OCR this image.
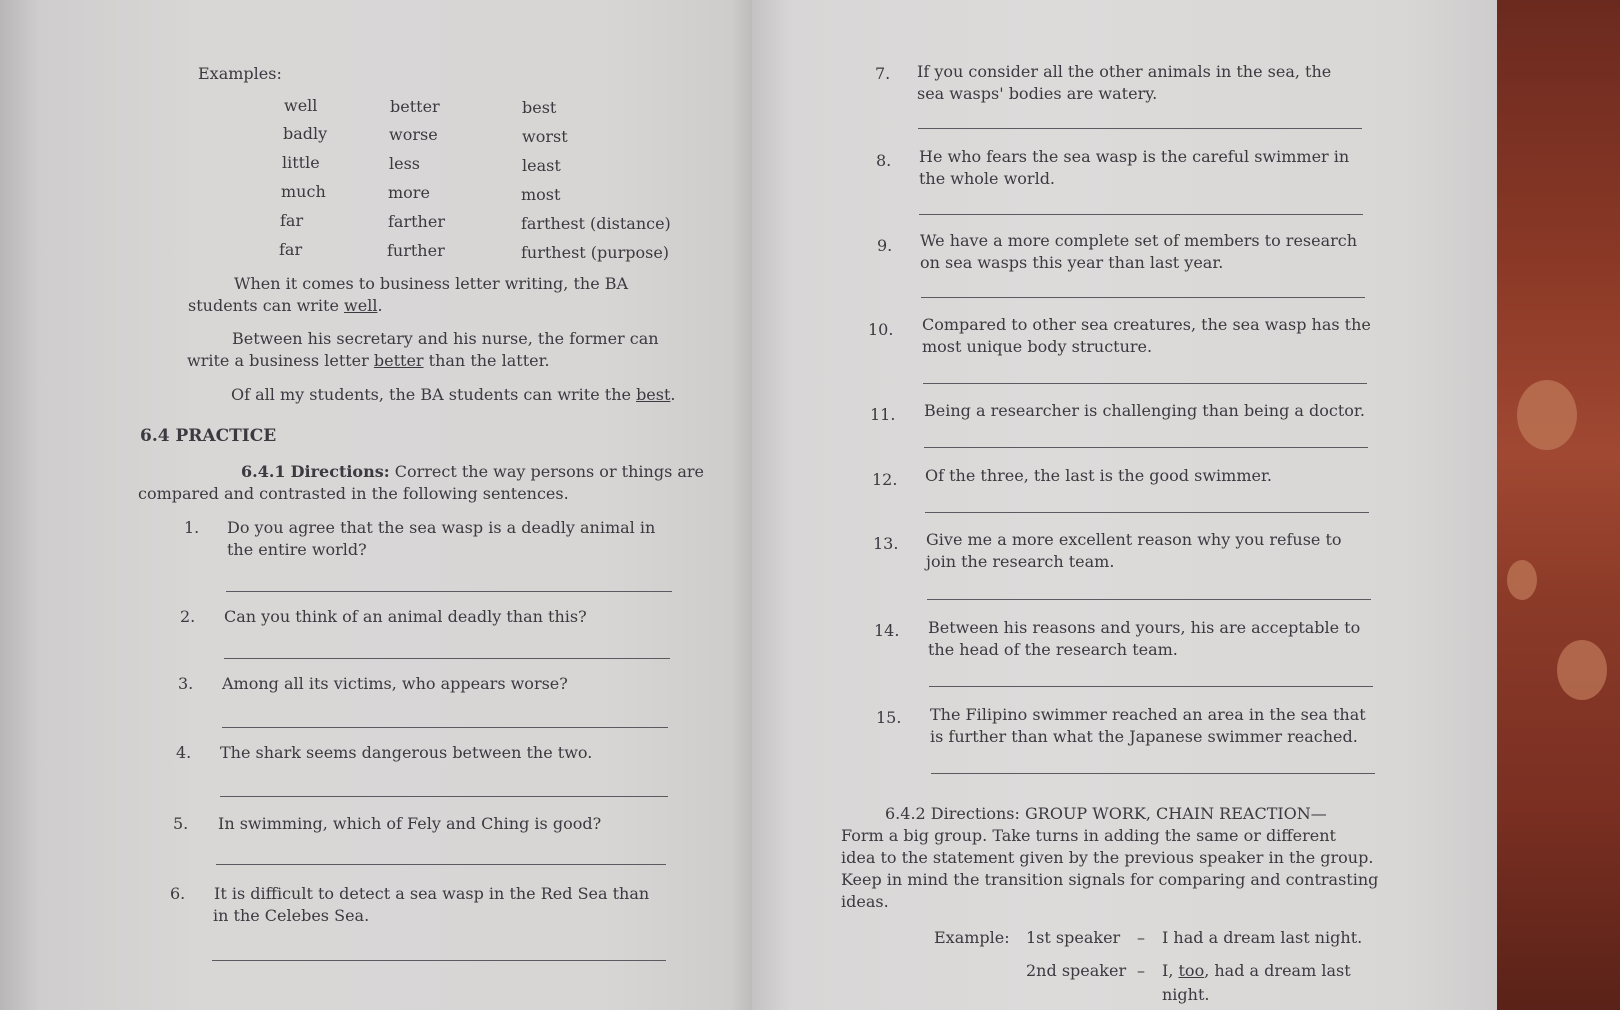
Examples:
well	better	best
badly	worse	worst
little	less	least
much	more	most
far	farther	farthest (distance)
far	further	furthest (purpose)
When it comes to business letter writing, the BA
students can write well.
Between his secretary and his nurse, the former can
write a business letter better than the latter.
Of all my students, the BA students can write the best.
6.4 PRACTICE
6.4.1 Directions: Correct the way persons or things are
compared and contrasted in the following sentences.
1. Do you agree that the sea wasp is a deadly animal in
the entire world?
2. Can you think of an animal deadly than this?
3. Among all its victims, who appears worse?
4. The shark seems dangerous between the two.
5. In swimming, which of Fely and Ching is good?
6. It is difficult to detect a sea wasp in the Red Sea than
in the Celebes Sea.
7. If you consider all the other animals in the sea, the
sea wasps' bodies are watery.
8. He who fears the sea wasp is the careful swimmer in
the whole world.
9. We have a more complete set of members to research
on sea wasps this year than last year.
10. Compared to other sea creatures, the sea wasp has the
most unique body structure.
11. Being a researcher is challenging than being a doctor.
12. Of the three, the last is the good swimmer.
13. Give me a more excellent reason why you refuse to
join the research team.
14. Between his reasons and yours, his are acceptable to
the head of the research team.
15. The Filipino swimmer reached an area in the sea that
is further than what the Japanese swimmer reached.
6.4.2 Directions: GROUP WORK, CHAIN REACTION—
Form a big group. Take turns in adding the same or different
idea to the statement given by the previous speaker in the group.
Keep in mind the transition signals for comparing and contrasting
ideas.
Example: 1st speaker – I had a dream last night.
2nd speaker – I, too, had a dream last
night.
